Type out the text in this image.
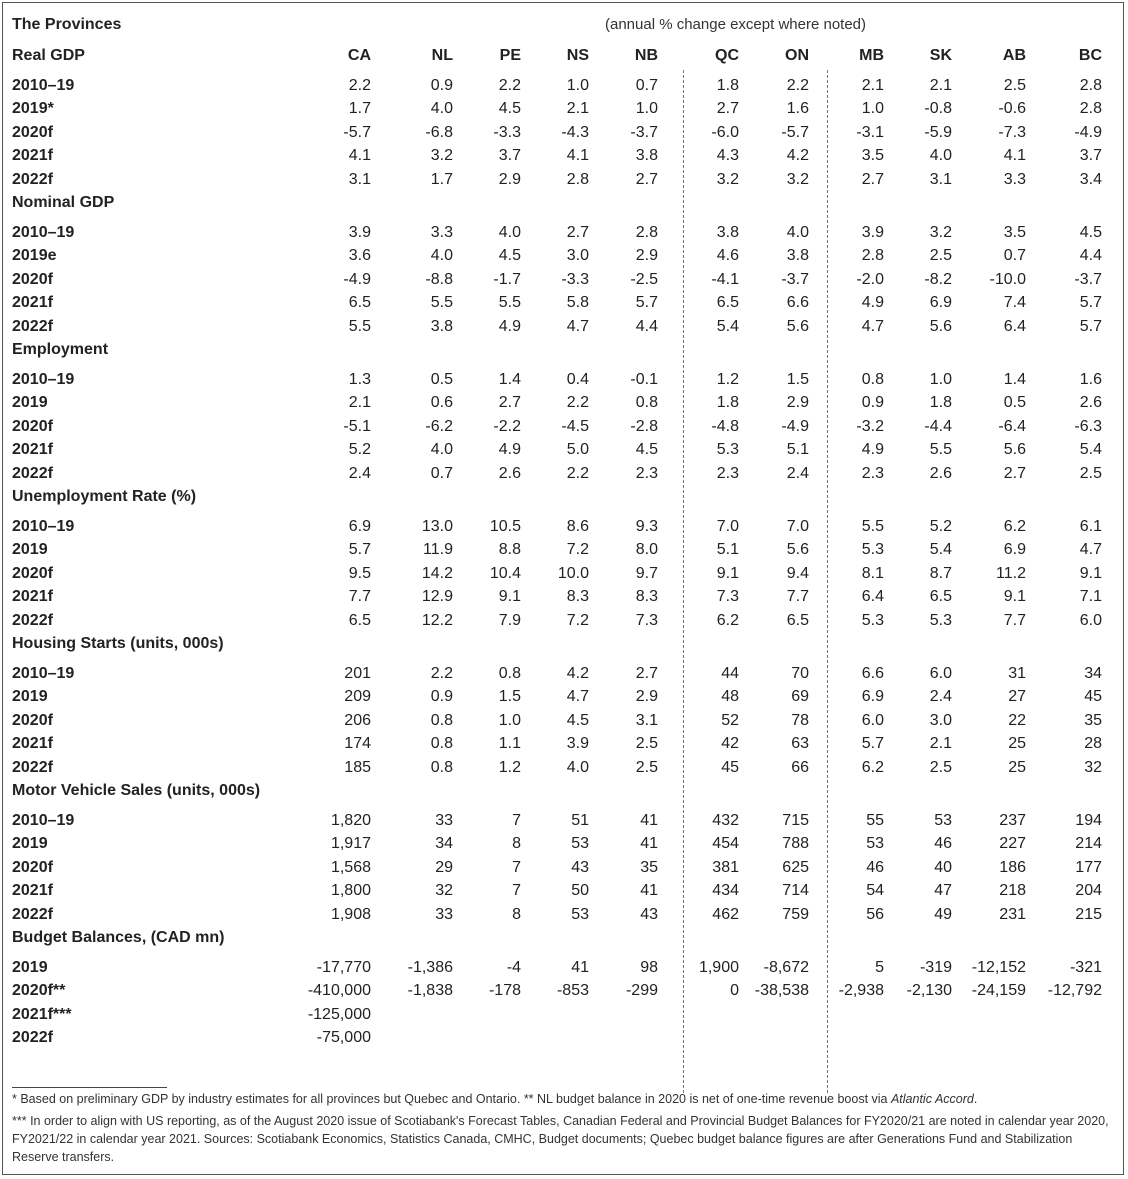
The Provinces	(annual % change except where noted)
Real GDP	CA	NL	PE	NS	NB	QC	ON	MB	SK	AB	BC
2010–19	2.2	0.9	2.2	1.0	0.7	1.8	2.2	2.1	2.1	2.5	2.8
2019*	1.7	4.0	4.5	2.1	1.0	2.7	1.6	1.0	-0.8	-0.6	2.8
2020f	-5.7	-6.8	-3.3	-4.3	-3.7	-6.0	-5.7	-3.1	-5.9	-7.3	-4.9
2021f	4.1	3.2	3.7	4.1	3.8	4.3	4.2	3.5	4.0	4.1	3.7
2022f	3.1	1.7	2.9	2.8	2.7	3.2	3.2	2.7	3.1	3.3	3.4
Nominal GDP
2010–19	3.9	3.3	4.0	2.7	2.8	3.8	4.0	3.9	3.2	3.5	4.5
2019e	3.6	4.0	4.5	3.0	2.9	4.6	3.8	2.8	2.5	0.7	4.4
2020f	-4.9	-8.8	-1.7	-3.3	-2.5	-4.1	-3.7	-2.0	-8.2 -10.0	-3.7
2021f	6.5	5.5	5.5	5.8	5.7	6.5	6.6	4.9	6.9	7.4	5.7
2022f	5.5	3.8	4.9	4.7	4.4	5.4	5.6	4.7	5.6	6.4	5.7
Employment
2010–19	1.3	0.5	1.4	0.4	-0.1	1.2	1.5	0.8	1.0	1.4	1.6
2019	2.1	0.6	2.7	2.2	0.8	1.8	2.9	0.9	1.8	0.5	2.6
2020f	-5.1	-6.2	-2.2	-4.5	-2.8	-4.8	-4.9	-3.2	-4.4	-6.4	-6.3
2021f	5.2	4.0	4.9	5.0	4.5	5.3	5.1	4.9	5.5	5.6	5.4
2022f	2.4	0.7	2.6	2.2	2.3	2.3	2.4	2.3	2.6	2.7	2.5
Unemployment Rate (%)
2010–19	6.9	13.0 10.5	8.6	9.3	7.0	7.0	5.5	5.2	6.2	6.1
2019	5.7	11.9	8.8	7.2	8.0	5.1	5.6	5.3	5.4	6.9	4.7
2020f	9.5	14.2 10.4 10.0	9.7	9.1	9.4	8.1	8.7	11.2	9.1
2021f	7.7	12.9	9.1	8.3	8.3	7.3	7.7	6.4	6.5	9.1	7.1
2022f	6.5	12.2	7.9	7.2	7.3	6.2	6.5	5.3	5.3	7.7	6.0
Housing Starts (units, 000s)
2010–19	201	2.2	0.8	4.2	2.7	44	70	6.6	6.0	31	34
2019	209	0.9	1.5	4.7	2.9	48	69	6.9	2.4	27	45
2020f	206	0.8	1.0	4.5	3.1	52	78	6.0	3.0	22	35
2021f	174	0.8	1.1	3.9	2.5	42	63	5.7	2.1	25	28
2022f	185	0.8	1.2	4.0	2.5	45	66	6.2	2.5	25	32
Motor Vehicle Sales (units, 000s)
2010–19	1,820	33	7	51	41	432	715	55	53	237	194
2019	1,917	34	8	53	41	454	788	53	46	227	214
2020f	1,568	29	7	43	35	381	625	46	40	186	177
2021f	1,800	32	7	50	41	434	714	54	47	218	204
2022f	1,908	33	8	53	43	462	759	56	49	231	215
Budget Balances, (CAD mn)
2019	-17,770 -1,386	-4	41	98	1,900 -8,672	5 -319 -12,152	-321
2020f**	-410,000 -1,838 -178 -853 -299	0 -38,538 -2,938 -2,130 -24,159 -12,792
2021f***	-125,000
2022f	-75,000
* Based on preliminary GDP by industry estimates for all provinces but Quebec and Ontario. ** NL budget balance in 2020 is net of one-time revenue boost via Atlantic Accord.
*** In order to align with US reporting, as of the August 2020 issue of Scotiabank's Forecast Tables, Canadian Federal and Provincial Budget Balances for FY2020/21 are noted in calendar year 2020, FY2021/22 in calendar year 2021. Sources: Scotiabank Economics, Statistics Canada, CMHC, Budget documents; Quebec budget balance figures are after Generations Fund and Stabilization Reserve transfers.
